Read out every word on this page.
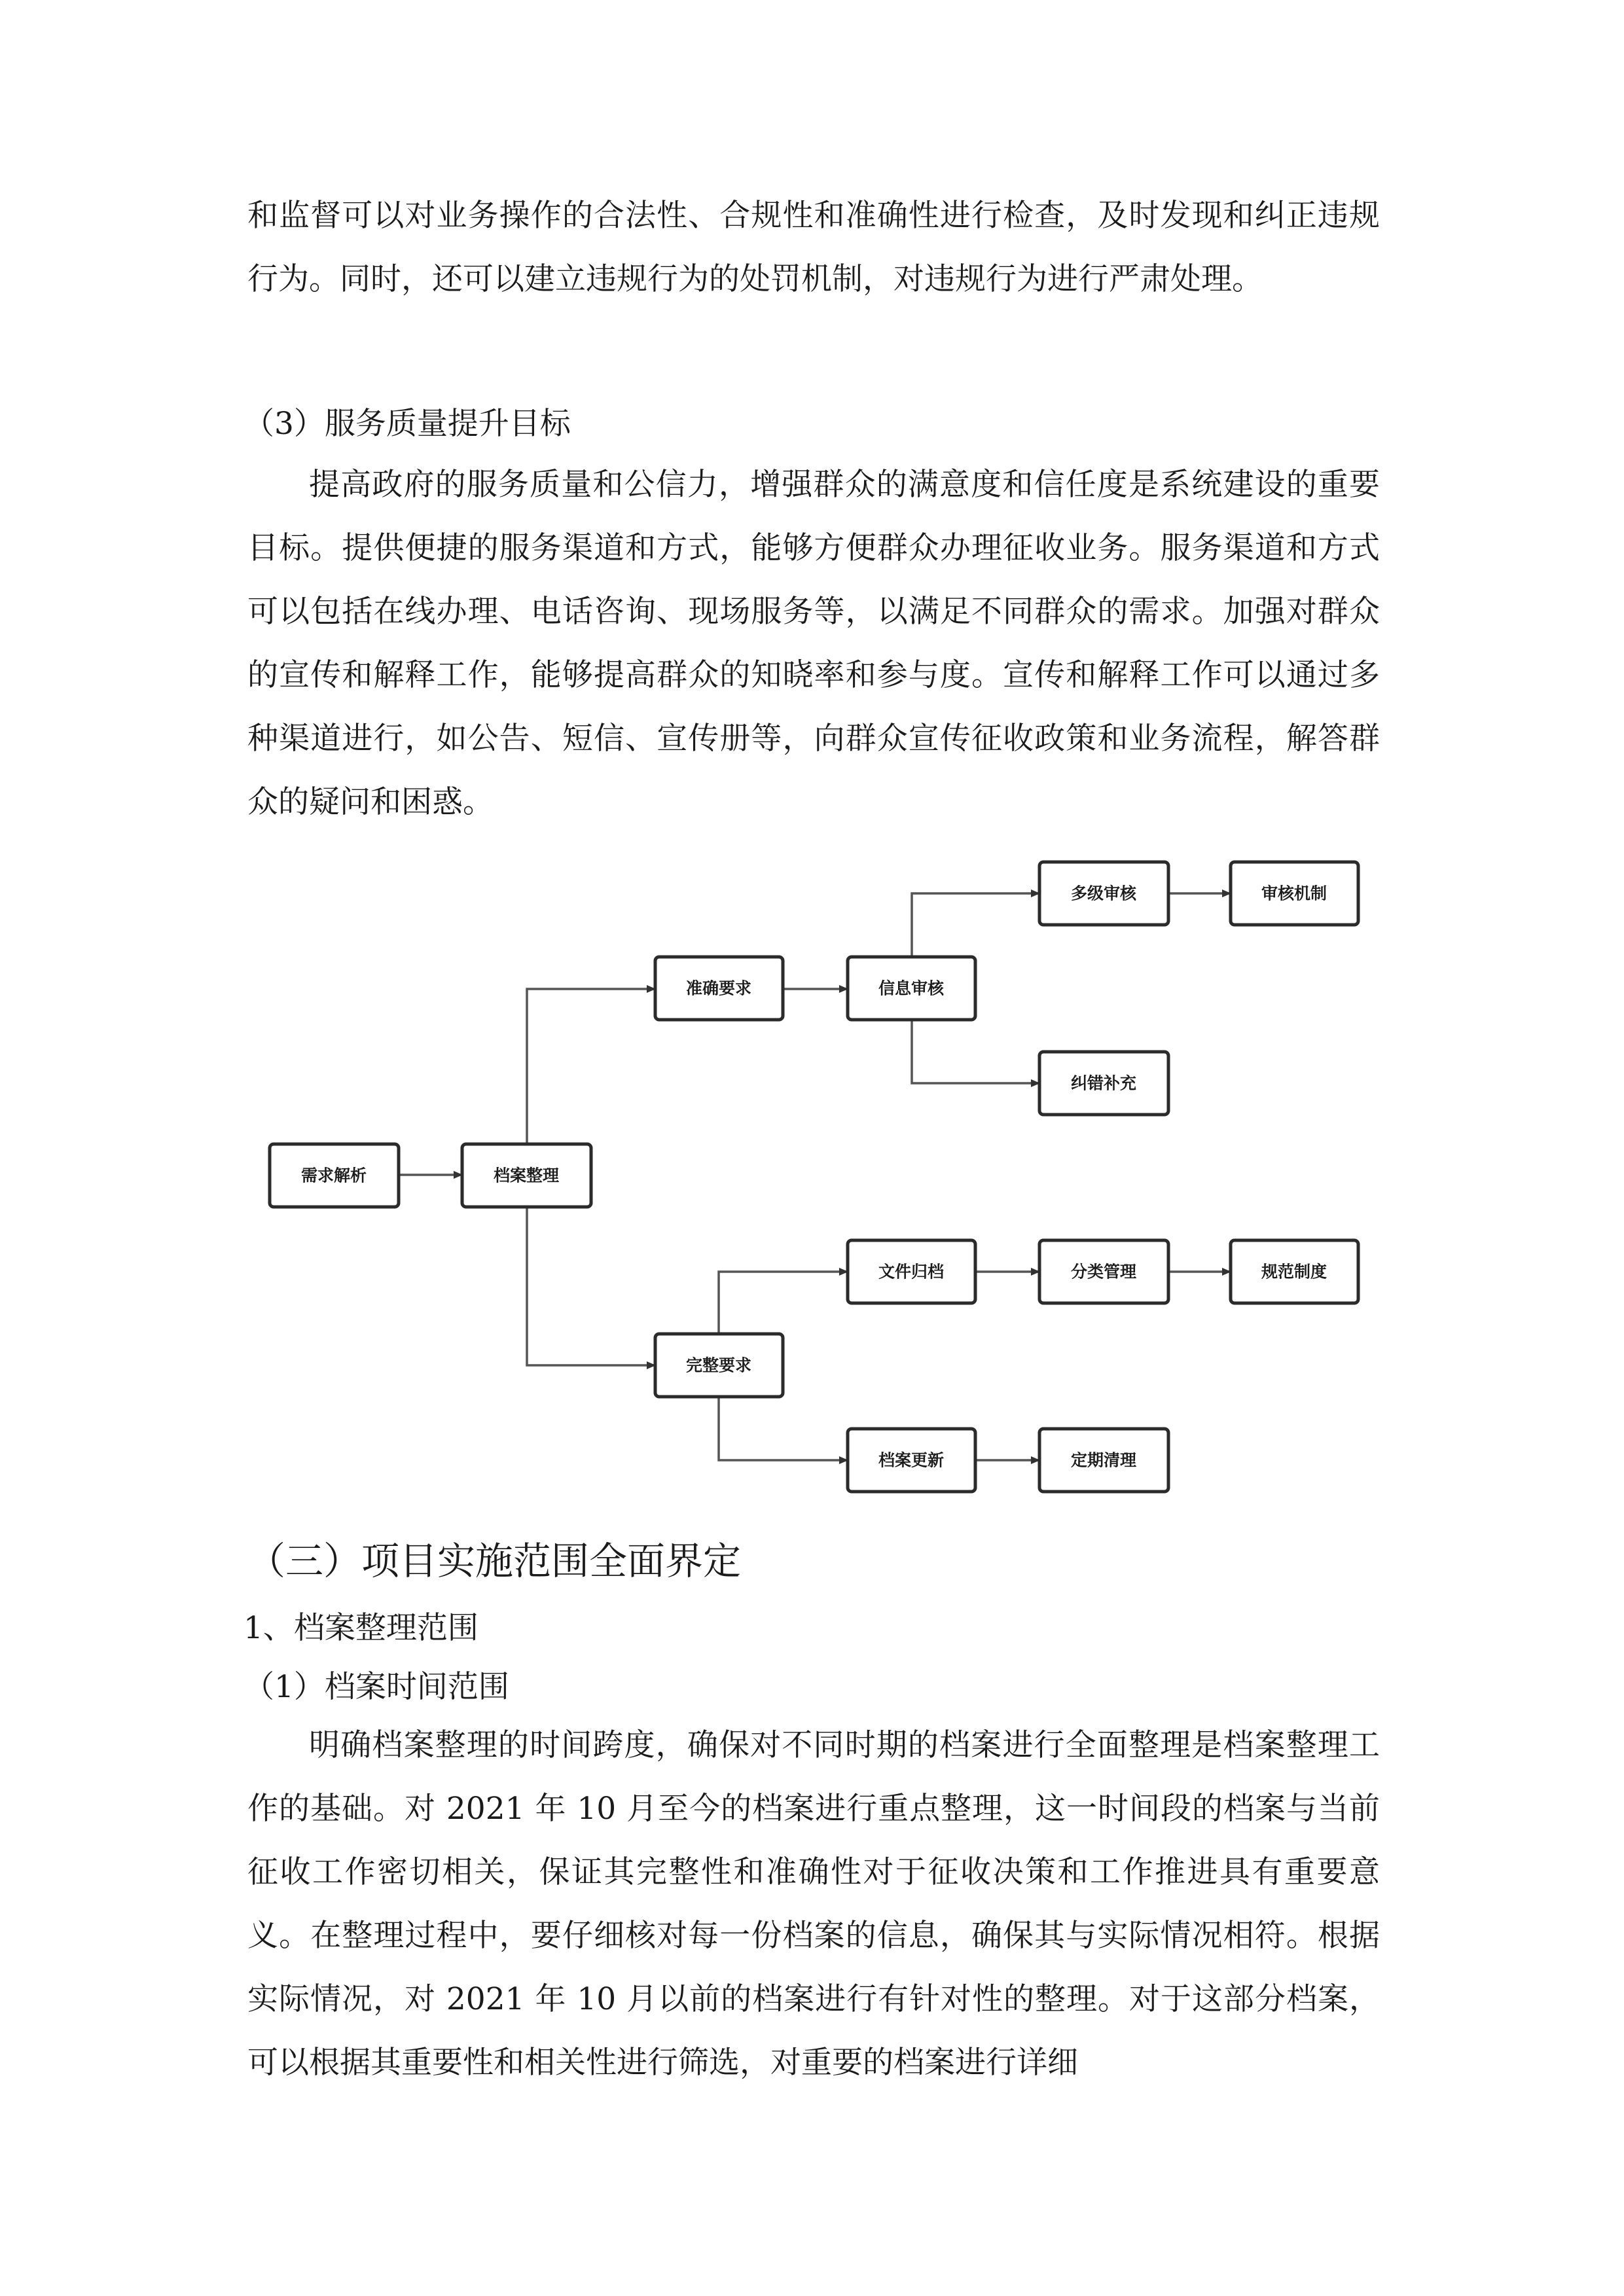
和监督可以对业务操作的合法性、合规性和准确性进行检查，及时发现和纠正违规行为。同时，还可以建立违规行为的处罚机制，对违规行为进行严肃处理。

（3）服务质量提升目标

提高政府的服务质量和公信力，增强群众的满意度和信任度是系统建设的重要目标。提供便捷的服务渠道和方式，能够方便群众办理征收业务。服务渠道和方式可以包括在线办理、电话咨询、现场服务等，以满足不同群众的需求。加强对群众的宣传和解释工作，能够提高群众的知晓率和参与度。宣传和解释工作可以通过多种渠道进行，如公告、短信、宣传册等，向群众宣传征收政策和业务流程，解答群众的疑问和困惑。

需求解析	档案整理
准确要求	信息审核
多级审核	审核机制
纠错补充
完整要求
文件归档	分类管理	规范制度
档案更新	定期清理

（三）项目实施范围全面界定

1、档案整理范围

（1）档案时间范围

明确档案整理的时间跨度，确保对不同时期的档案进行全面整理是档案整理工作的基础。对 2021 年 10 月至今的档案进行重点整理，这一时间段的档案与当前征收工作密切相关，保证其完整性和准确性对于征收决策和工作推进具有重要意义。在整理过程中，要仔细核对每一份档案的信息，确保其与实际情况相符。根据实际情况，对 2021 年 10 月以前的档案进行有针对性的整理。对于这部分档案，可以根据其重要性和相关性进行筛选，对重要的档案进行详细
